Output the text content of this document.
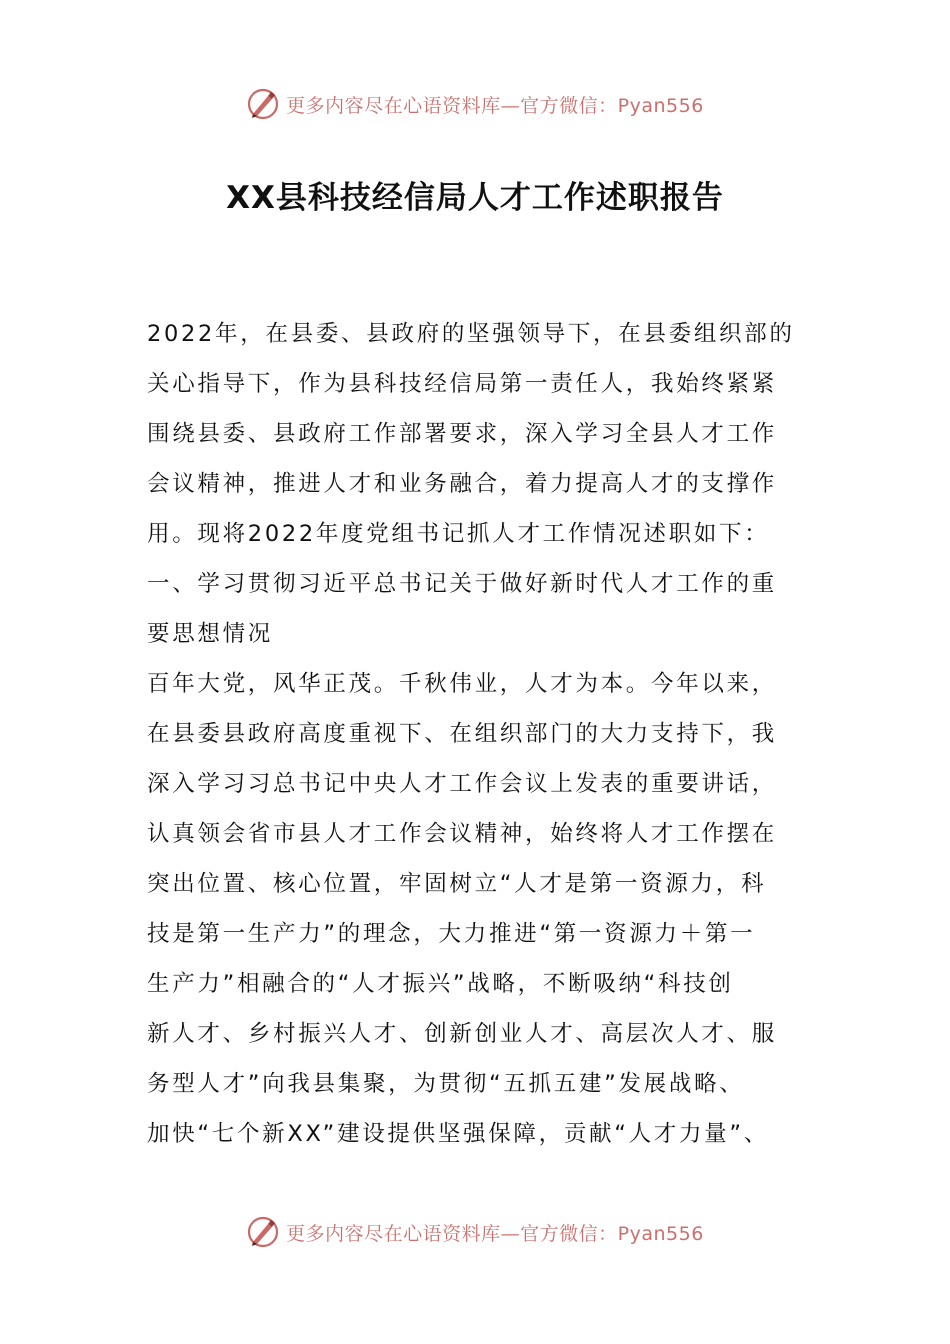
更多内容尽在心语资料库—官方微信：Pyan556
XX县科技经信局人才工作述职报告
2022年，在县委、县政府的坚强领导下，在县委组织部的
关心指导下，作为县科技经信局第一责任人，我始终紧紧
围绕县委、县政府工作部署要求，深入学习全县人才工作
会议精神，推进人才和业务融合，着力提高人才的支撑作
用。现将2022年度党组书记抓人才工作情况述职如下：
一、学习贯彻习近平总书记关于做好新时代人才工作的重
要思想情况
百年大党，风华正茂。千秋伟业，人才为本。今年以来，
在县委县政府高度重视下、在组织部门的大力支持下，我
深入学习习总书记中央人才工作会议上发表的重要讲话，
认真领会省市县人才工作会议精神，始终将人才工作摆在
突出位置、核心位置，牢固树立“人才是第一资源力，科
技是第一生产力”的理念，大力推进“第一资源力＋第一
生产力”相融合的“人才振兴”战略，不断吸纳“科技创
新人才、乡村振兴人才、创新创业人才、高层次人才、服
务型人才”向我县集聚，为贯彻“五抓五建”发展战略、
加快“七个新XX”建设提供坚强保障，贡献“人才力量”、
更多内容尽在心语资料库—官方微信：Pyan556
